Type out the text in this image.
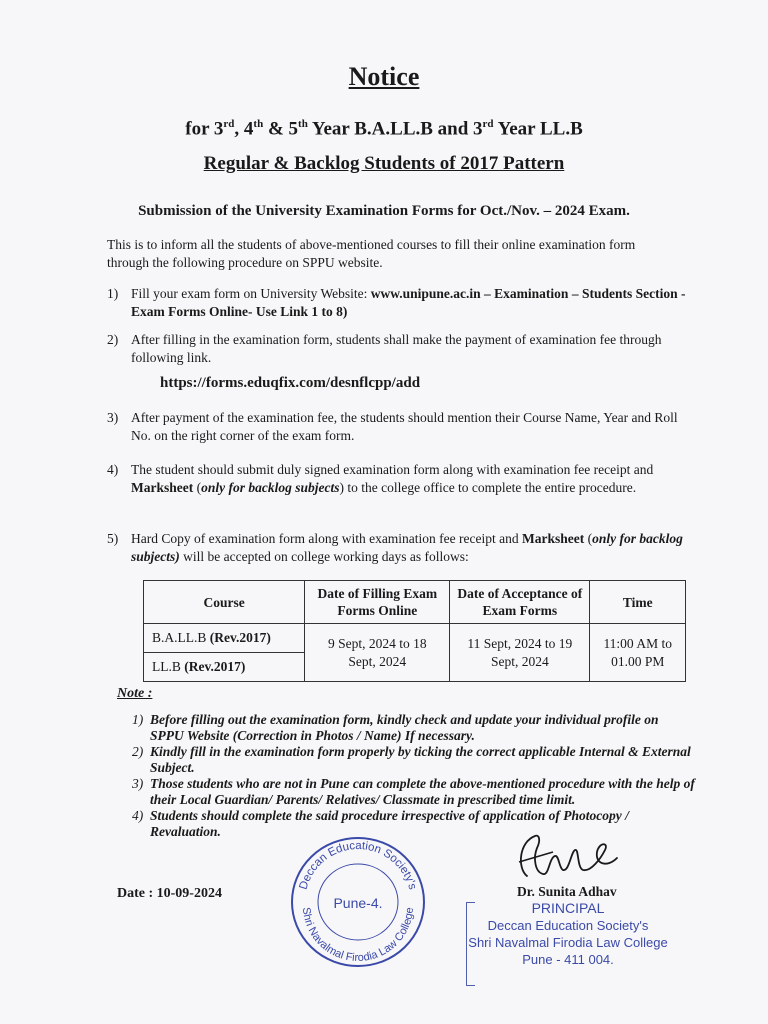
Notice
for 3rd, 4th & 5th Year B.A.LL.B and 3rd Year LL.B
Regular & Backlog Students of 2017 Pattern
Submission of the University Examination Forms for Oct./Nov. – 2024 Exam.
This is to inform all the students of above-mentioned courses to fill their online examination form through the following procedure on SPPU website.
1) Fill your exam form on University Website: www.unipune.ac.in – Examination – Students Section -Exam Forms Online- Use Link 1 to 8)
2) After filling in the examination form, students shall make the payment of examination fee through following link.
https://forms.eduqfix.com/desnflcpp/add
3) After payment of the examination fee, the students should mention their Course Name, Year and Roll No. on the right corner of the exam form.
4) The student should submit duly signed examination form along with examination fee receipt and Marksheet (only for backlog subjects) to the college office to complete the entire procedure.
5) Hard Copy of examination form along with examination fee receipt and Marksheet (only for backlog subjects) will be accepted on college working days as follows:
Course	Date of Filling Exam Forms Online	Date of Acceptance of Exam Forms	Time
B.A.LL.B (Rev.2017)	9 Sept, 2024 to 18 Sept, 2024	11 Sept, 2024 to 19 Sept, 2024	11:00 AM to 01.00 PM

LL.B (Rev.2017)			
Note :
1) Before filling out the examination form, kindly check and update your individual profile on SPPU Website (Correction in Photos / Name) If necessary.
2) Kindly fill in the examination form properly by ticking the correct applicable Internal & External Subject.
3) Those students who are not in Pune can complete the above-mentioned procedure with the help of their Local Guardian/ Parents/ Relatives/ Classmate in prescribed time limit.
4) Students should complete the said procedure irrespective of application of Photocopy / Revaluation.
Date : 10-09-2024
Deccan Education Society's
Shri Navalmal Firodia Law College
Pune-4.
Dr. Sunita Adhav
PRINCIPAL
Deccan Education Society's
Shri Navalmal Firodia Law College
Pune - 411 004.
